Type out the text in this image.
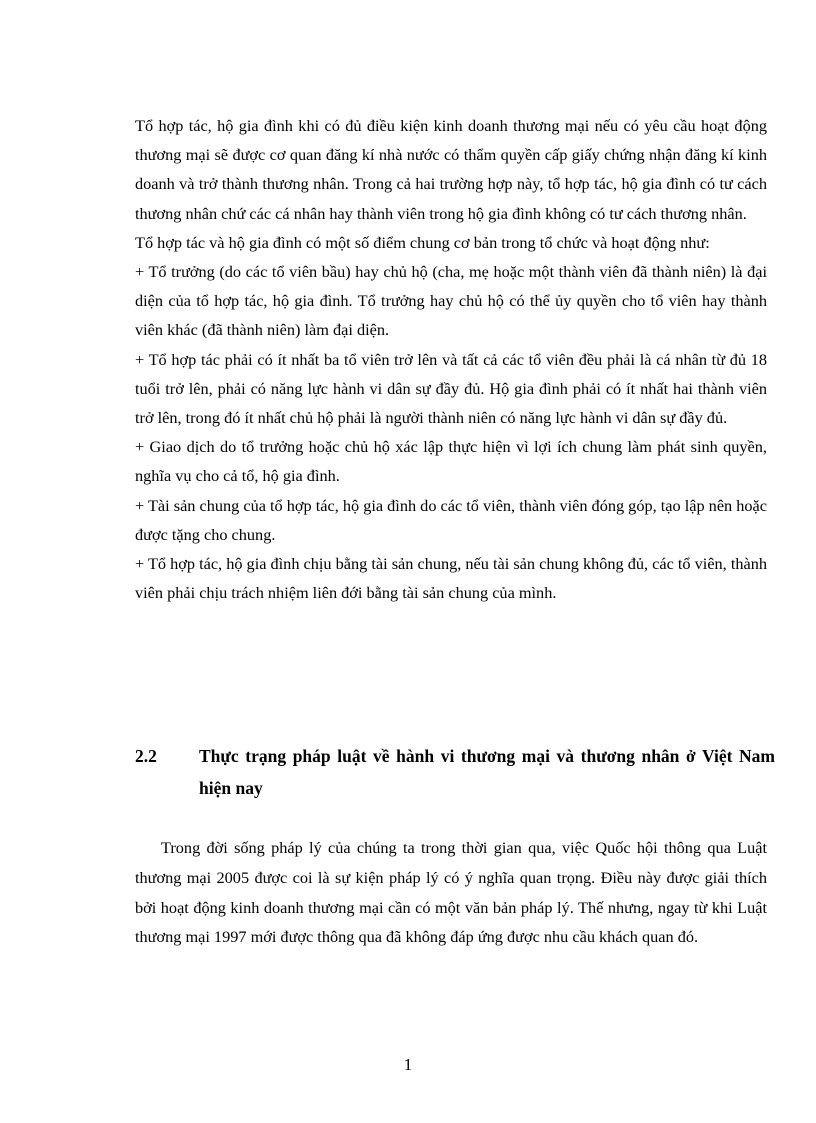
Tổ hợp tác, hộ gia đình khi có đủ điều kiện kinh doanh thương mại nếu có yêu cầu hoạt động thương mại sẽ được cơ quan đăng kí nhà nước có thẩm quyền cấp giấy chứng nhận đăng kí kinh doanh và trở thành thương nhân. Trong cả hai trường hợp này, tổ hợp tác, hộ gia đình có tư cách thương nhân chứ các cá nhân hay thành viên trong hộ gia đình không có tư cách thương nhân.

Tổ hợp tác và hộ gia đình có một số điểm chung cơ bản trong tổ chức và hoạt động như:

+ Tổ trưởng (do các tổ viên bầu) hay chủ hộ (cha, mẹ hoặc một thành viên đã thành niên) là đại diện của tổ hợp tác, hộ gia đình. Tổ trưởng hay chủ hộ có thể ủy quyền cho tổ viên hay thành viên khác (đã thành niên) làm đại diện.

+ Tổ hợp tác phải có ít nhất ba tổ viên trở lên và tất cả các tổ viên đều phải là cá nhân từ đủ 18 tuổi trở lên, phải có năng lực hành vi dân sự đầy đủ. Hộ gia đình phải có ít nhất hai thành viên trở lên, trong đó ít nhất chủ hộ phải là người thành niên có năng lực hành vi dân sự đầy đủ.

+ Giao dịch do tổ trưởng hoặc chủ hộ xác lập thực hiện vì lợi ích chung làm phát sinh quyền, nghĩa vụ cho cả tổ, hộ gia đình.

+ Tài sản chung của tổ hợp tác, hộ gia đình do các tổ viên, thành viên đóng góp, tạo lập nên hoặc được tặng cho chung.

+ Tổ hợp tác, hộ gia đình chịu bằng tài sản chung, nếu tài sản chung không đủ, các tổ viên, thành viên phải chịu trách nhiệm liên đới bằng tài sản chung của mình.

2.2 Thực trạng pháp luật về hành vi thương mại và thương nhân ở Việt Nam hiện nay

Trong đời sống pháp lý của chúng ta trong thời gian qua, việc Quốc hội thông qua Luật thương mại 2005 được coi là sự kiện pháp lý có ý nghĩa quan trọng. Điều này được giải thích bởi hoạt động kinh doanh thương mại cần có một văn bản pháp lý. Thế nhưng, ngay từ khi Luật thương mại 1997 mới được thông qua đã không đáp ứng được nhu cầu khách quan đó.

1
